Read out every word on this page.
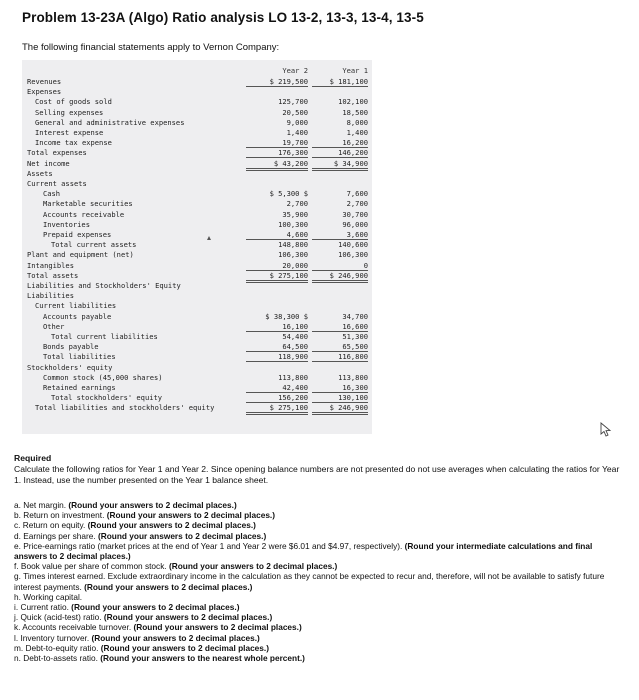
Problem 13-23A (Algo) Ratio analysis LO 13-2, 13-3, 13-4, 13-5
The following financial statements apply to Vernon Company:
Year 2	Year 1
Revenues	$ 219,500	$ 181,100
Expenses
Cost of goods sold	125,700	102,100
Selling expenses	20,500	18,500
General and administrative expenses	9,000	8,000
Interest expense	1,400	1,400
Income tax expense	19,700	16,200
Total expenses	176,300	146,200
Net income	$ 43,200	$ 34,900
Assets
Current assets
Cash	$ 5,300 $	7,600
Marketable securities	2,700	2,700
Accounts receivable	35,900	30,700
Inventories	100,300	96,000
Prepaid expenses	4,600	3,600
Total current assets	148,800	140,600
Plant and equipment (net)	106,300	106,300
Intangibles	20,000	0
Total assets	$ 275,100	$ 246,900
Liabilities and Stockholders' Equity
Liabilities
Current liabilities
Accounts payable	$ 38,300 $	34,700
Other	16,100	16,600
Total current liabilities	54,400	51,300
Bonds payable	64,500	65,500
Total liabilities	118,900	116,800
Stockholders' equity
Common stock (45,000 shares)	113,800	113,800
Retained earnings	42,400	16,300
Total stockholders' equity	156,200	130,100
Total liabilities and stockholders' equity	$ 275,100	$ 246,900
Required
Calculate the following ratios for Year 1 and Year 2. Since opening balance numbers are not presented do not use averages when calculating the ratios for Year 1. Instead, use the number presented on the Year 1 balance sheet.
a. Net margin. (Round your answers to 2 decimal places.)
b. Return on investment. (Round your answers to 2 decimal places.)
c. Return on equity. (Round your answers to 2 decimal places.)
d. Earnings per share. (Round your answers to 2 decimal places.)
e. Price-earnings ratio (market prices at the end of Year 1 and Year 2 were $6.01 and $4.97, respectively). (Round your intermediate calculations and final answers to 2 decimal places.)
f. Book value per share of common stock. (Round your answers to 2 decimal places.)
g. Times interest earned. Exclude extraordinary income in the calculation as they cannot be expected to recur and, therefore, will not be available to satisfy future interest payments. (Round your answers to 2 decimal places.)
h. Working capital.
i. Current ratio. (Round your answers to 2 decimal places.)
j. Quick (acid-test) ratio. (Round your answers to 2 decimal places.)
k. Accounts receivable turnover. (Round your answers to 2 decimal places.)
l. Inventory turnover. (Round your answers to 2 decimal places.)
m. Debt-to-equity ratio. (Round your answers to 2 decimal places.)
n. Debt-to-assets ratio. (Round your answers to the nearest whole percent.)
